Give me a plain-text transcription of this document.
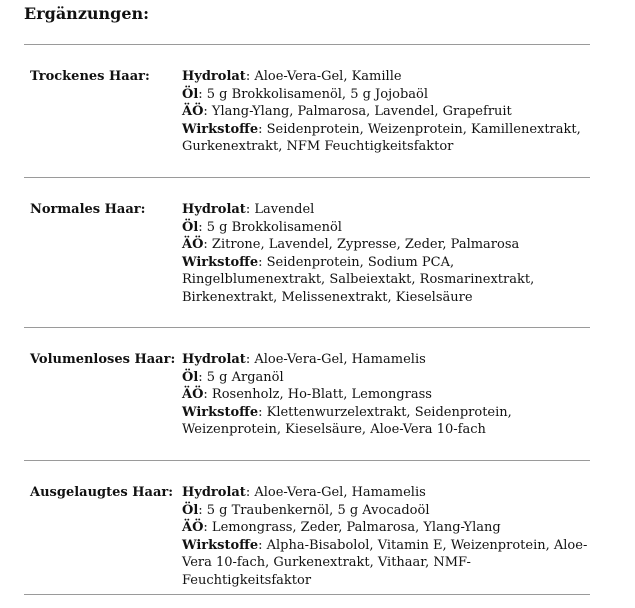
Ergänzungen:
Trockenes Haar: Hydrolat: Aloe-Vera-Gel, Kamille

Öl: 5 g Brokkolisamenöl, 5 g Jojobaöl

ÄÖ: Ylang-Ylang, Palmarosa, Lavendel, Grapefruit

Wirkstoffe: Seidenprotein, Weizenprotein, Kamillenextrakt, Gurkenextrakt, NFM Feuchtigkeitsfaktor

Normales Haar:	Hydrolat: Lavendel

Öl: 5 g Brokkolisamenöl

ÄÖ: Zitrone, Lavendel, Zypresse, Zeder, Palmarosa

Wirkstoffe: Seidenprotein, Sodium PCA, Ringelblumenextrakt, Salbeiextakt, Rosmarinextrakt, Birkenextrakt, Melissenextrakt, Kieselsäure

Volumenloses Haar: Hydrolat: Aloe-Vera-Gel, Hamamelis

Öl: 5 g Arganöl

ÄÖ: Rosenholz, Ho-Blatt, Lemongrass

Wirkstoffe: Klettenwurzelextrakt, Seidenprotein, Weizenprotein, Kieselsäure, Aloe-Vera 10-fach

Ausgelaugtes Haar: Hydrolat: Aloe-Vera-Gel, Hamamelis

Öl: 5 g Traubenkernöl, 5 g Avocadoöl

ÄÖ: Lemongrass, Zeder, Palmarosa, Ylang-Ylang

Wirkstoffe: Alpha-Bisabolol, Vitamin E, Weizenprotein, Aloe-Vera 10-fach, Gurkenextrakt, Vithaar, NMF-Feuchtigkeitsfaktor
